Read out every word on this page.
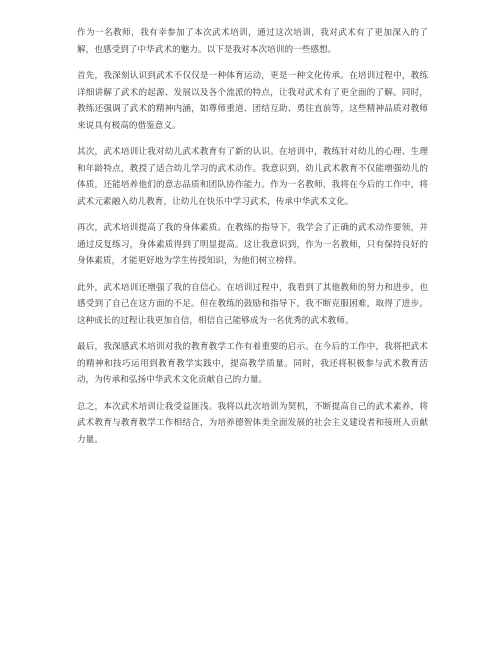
作为一名教师，我有幸参加了本次武术培训，通过这次培训，我对武术有了更加深入的了解，也感受到了中华武术的魅力。以下是我对本次培训的一些感想。

首先，我深刻认识到武术不仅仅是一种体育运动，更是一种文化传承。在培训过程中，教练详细讲解了武术的起源、发展以及各个流派的特点，让我对武术有了更全面的了解。同时，教练还强调了武术的精神内涵，如尊师重道、团结互助、勇往直前等，这些精神品质对教师来说具有极高的借鉴意义。

其次，武术培训让我对幼儿武术教育有了新的认识。在培训中，教练针对幼儿的心理、生理和年龄特点，教授了适合幼儿学习的武术动作。我意识到，幼儿武术教育不仅能增强幼儿的体质，还能培养他们的意志品质和团队协作能力。作为一名教师，我将在今后的工作中，将武术元素融入幼儿教育，让幼儿在快乐中学习武术，传承中华武术文化。

再次，武术培训提高了我的身体素质。在教练的指导下，我学会了正确的武术动作要领，并通过反复练习，身体素质得到了明显提高。这让我意识到，作为一名教师，只有保持良好的身体素质，才能更好地为学生传授知识，为他们树立榜样。

此外，武术培训还增强了我的自信心。在培训过程中，我看到了其他教师的努力和进步，也感受到了自己在这方面的不足。但在教练的鼓励和指导下，我不断克服困难，取得了进步。这种成长的过程让我更加自信，相信自己能够成为一名优秀的武术教师。

最后，我深感武术培训对我的教育教学工作有着重要的启示。在今后的工作中，我将把武术的精神和技巧运用到教育教学实践中，提高教学质量。同时，我还将积极参与武术教育活动，为传承和弘扬中华武术文化贡献自己的力量。

总之，本次武术培训让我受益匪浅。我将以此次培训为契机，不断提高自己的武术素养，将武术教育与教育教学工作相结合，为培养德智体美全面发展的社会主义建设者和接班人贡献力量。
